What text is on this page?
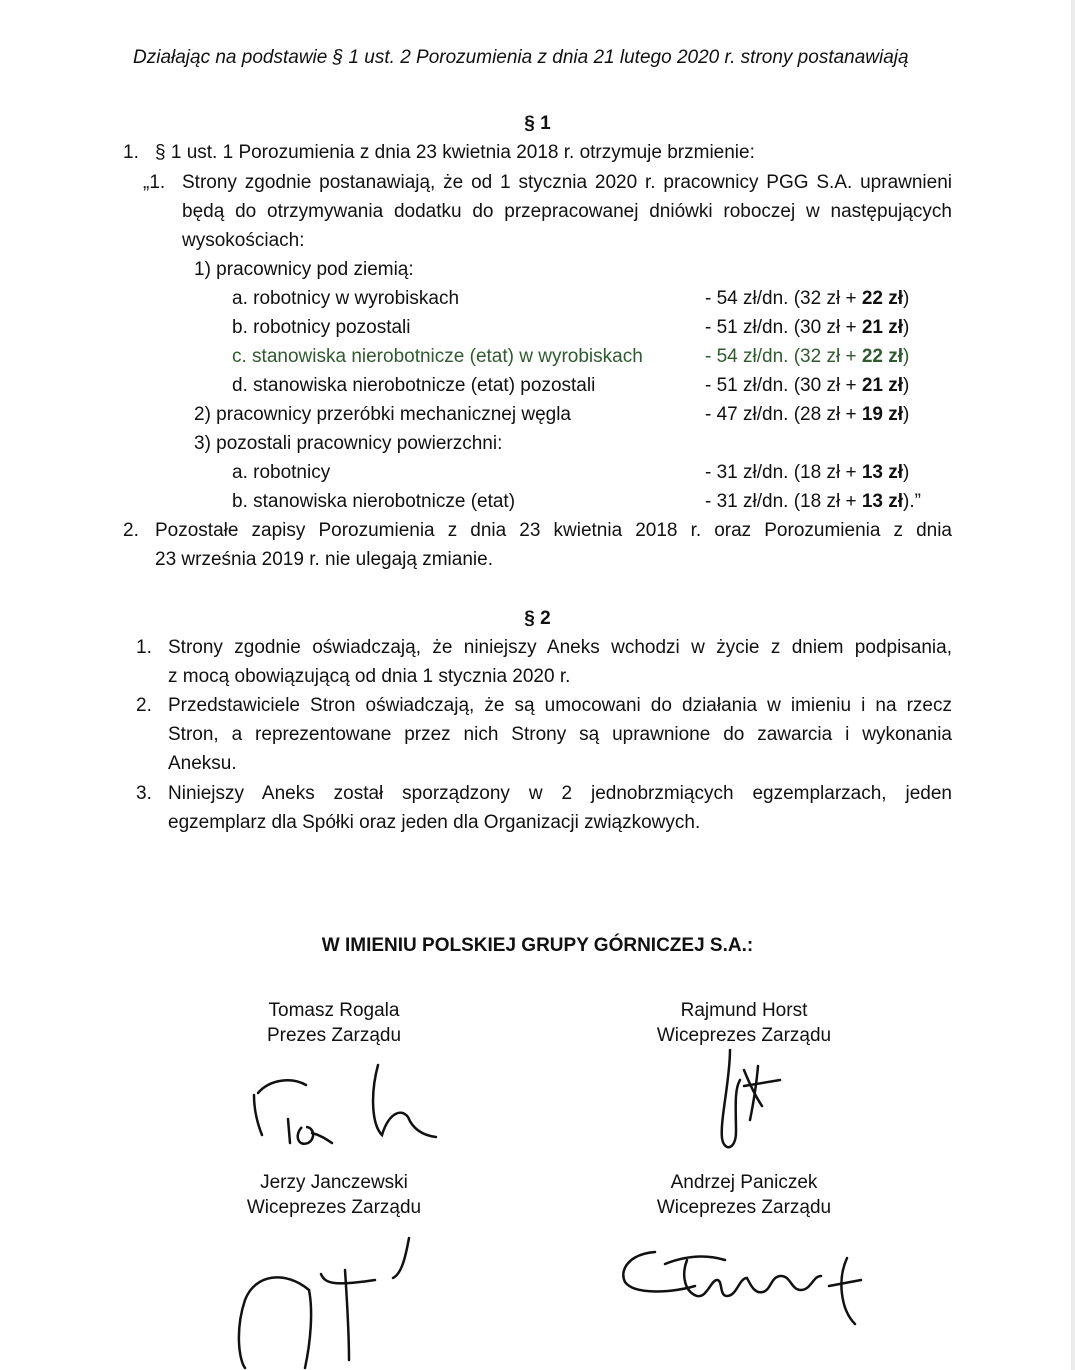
Działając na podstawie § 1 ust. 2 Porozumienia z dnia 21 lutego 2020 r. strony postanawiają
§ 1
1. § 1 ust. 1 Porozumienia z dnia 23 kwietnia 2018 r. otrzymuje brzmienie:
„1. Strony zgodnie postanawiają, że od 1 stycznia 2020 r. pracownicy PGG S.A. uprawnieni
będą do otrzymywania dodatku do przepracowanej dniówki roboczej w następujących
wysokościach:
1) pracownicy pod ziemią:
a. robotnicy w wyrobiskach	- 54 zł/dn. (32 zł + 22 zł)
b. robotnicy pozostali	- 51 zł/dn. (30 zł + 21 zł)
c. stanowiska nierobotnicze (etat) w wyrobiskach	- 54 zł/dn. (32 zł + 22 zł)
d. stanowiska nierobotnicze (etat) pozostali	- 51 zł/dn. (30 zł + 21 zł)
2) pracownicy przeróbki mechanicznej węgla	- 47 zł/dn. (28 zł + 19 zł)
3) pozostali pracownicy powierzchni:
a. robotnicy	- 31 zł/dn. (18 zł + 13 zł)
b. stanowiska nierobotnicze (etat)	- 31 zł/dn. (18 zł + 13 zł).”
2. Pozostałe zapisy Porozumienia z dnia 23 kwietnia 2018 r. oraz Porozumienia z dnia
23 września 2019 r. nie ulegają zmianie.
§ 2
1. Strony zgodnie oświadczają, że niniejszy Aneks wchodzi w życie z dniem podpisania,
z mocą obowiązującą od dnia 1 stycznia 2020 r.
2. Przedstawiciele Stron oświadczają, że są umocowani do działania w imieniu i na rzecz
Stron, a reprezentowane przez nich Strony są uprawnione do zawarcia i wykonania
Aneksu.
3. Niniejszy Aneks został sporządzony w 2 jednobrzmiących egzemplarzach, jeden
egzemplarz dla Spółki oraz jeden dla Organizacji związkowych.
W IMIENIU POLSKIEJ GRUPY GÓRNICZEJ S.A.:
Tomasz Rogala
Prezes Zarządu
Rajmund Horst
Wiceprezes Zarządu
Jerzy Janczewski
Wiceprezes Zarządu
Andrzej Paniczek
Wiceprezes Zarządu
